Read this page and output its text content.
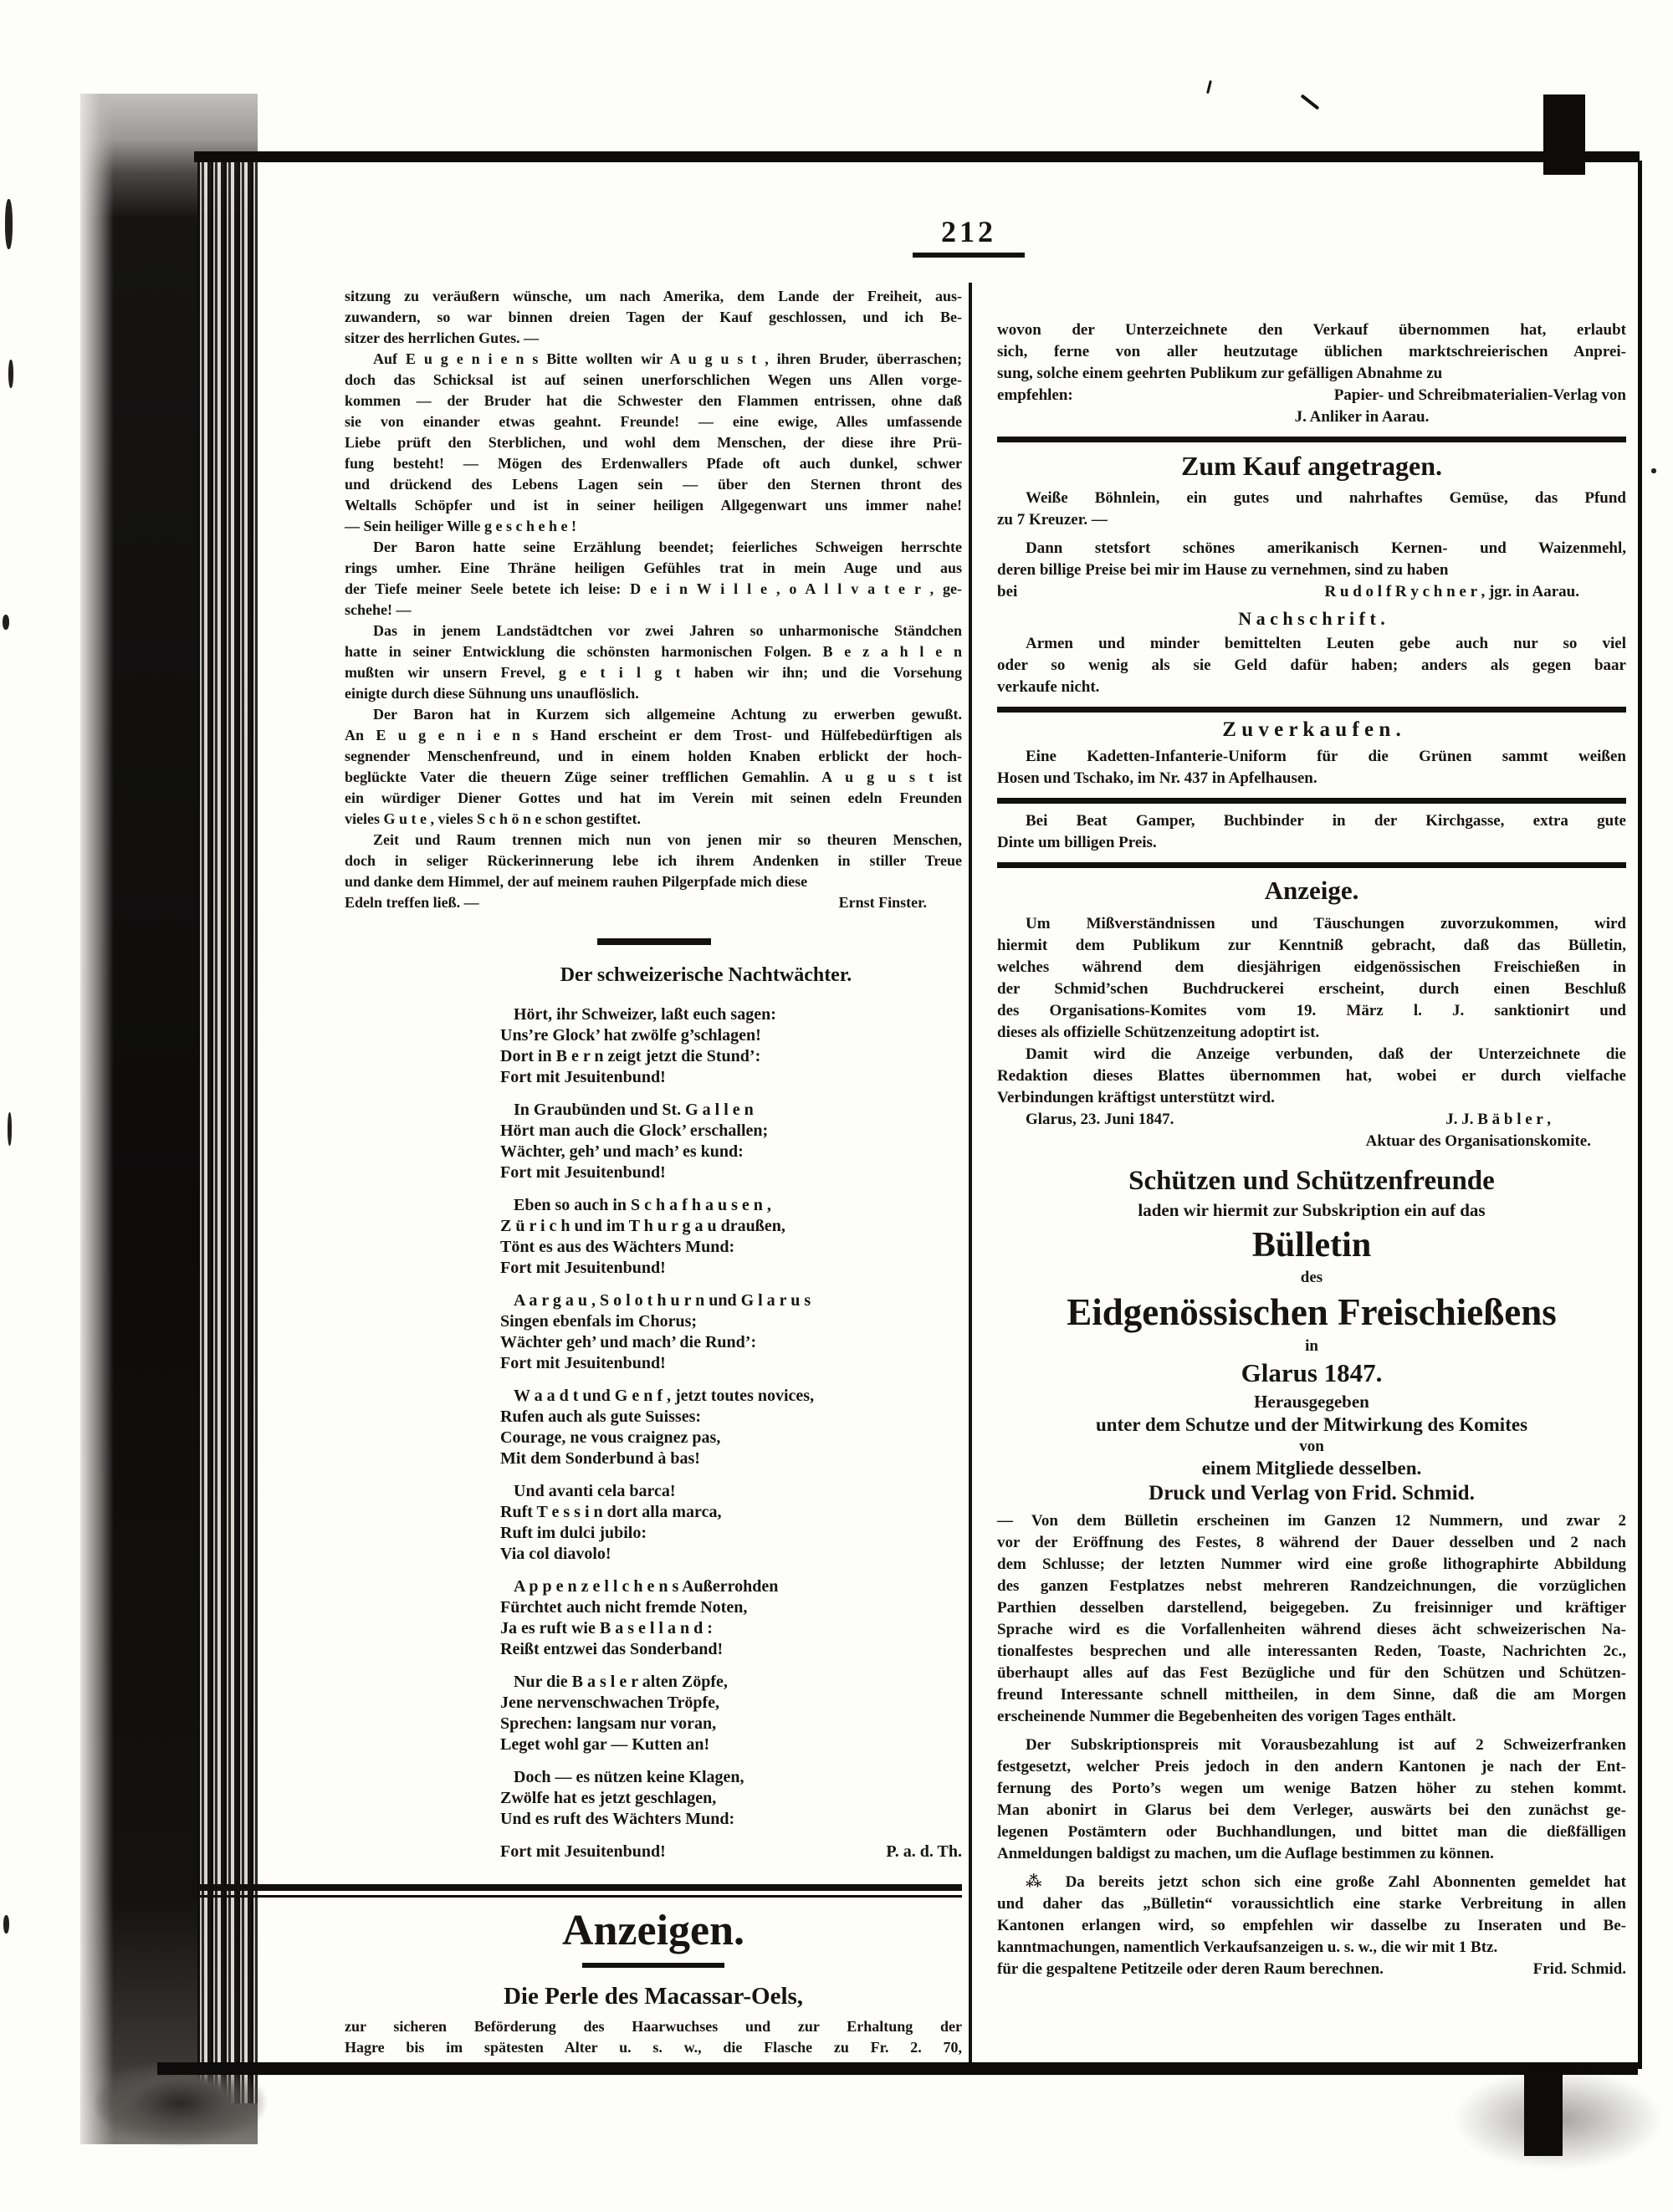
212
sitzung zu veräußern wünsche, um nach Amerika, dem Lande der Freiheit, aus-
zuwandern, so war binnen dreien Tagen der Kauf geschlossen, und ich Be-
sitzer des herrlichen Gutes. —
Auf E u g e n i e n s Bitte wollten wir A u g u s t , ihren Bruder, überraschen;
doch das Schicksal ist auf seinen unerforschlichen Wegen uns Allen vorge-
kommen — der Bruder hat die Schwester den Flammen entrissen, ohne daß
sie von einander etwas geahnt. Freunde! — eine ewige, Alles umfassende
Liebe prüft den Sterblichen, und wohl dem Menschen, der diese ihre Prü-
fung besteht! — Mögen des Erdenwallers Pfade oft auch dunkel, schwer
und drückend des Lebens Lagen sein — über den Sternen thront des
Weltalls Schöpfer und ist in seiner heiligen Allgegenwart uns immer nahe!
— Sein heiliger Wille g e s c h e h e !
Der Baron hatte seine Erzählung beendet; feierliches Schweigen herrschte
rings umher. Eine Thräne heiligen Gefühles trat in mein Auge und aus
der Tiefe meiner Seele betete ich leise: D e i n W i l l e , o A l l v a t e r , ge-
schehe! —
Das in jenem Landstädtchen vor zwei Jahren so unharmonische Ständchen
hatte in seiner Entwicklung die schönsten harmonischen Folgen. B e z a h l e n
mußten wir unsern Frevel, g e t i l g t haben wir ihn; und die Vorsehung
einigte durch diese Sühnung uns unauflöslich.
Der Baron hat in Kurzem sich allgemeine Achtung zu erwerben gewußt.
An E u g e n i e n s Hand erscheint er dem Trost- und Hülfebedürftigen als
segnender Menschenfreund, und in einem holden Knaben erblickt der hoch-
beglückte Vater die theuern Züge seiner trefflichen Gemahlin. A u g u s t ist
ein würdiger Diener Gottes und hat im Verein mit seinen edeln Freunden
vieles G u t e , vieles S c h ö n e schon gestiftet.
Zeit und Raum trennen mich nun von jenen mir so theuren Menschen,
doch in seliger Rückerinnerung lebe ich ihrem Andenken in stiller Treue
und danke dem Himmel, der auf meinem rauhen Pilgerpfade mich diese
Edeln treffen ließ. —	Ernst Finster.
Der schweizerische Nachtwächter.
Hört, ihr Schweizer, laßt euch sagen:
Uns’re Glock’ hat zwölfe g’schlagen!
Dort in B e r n zeigt jetzt die Stund’:
Fort mit Jesuitenbund!
In Graubünden und St. G a l l e n
Hört man auch die Glock’ erschallen;
Wächter, geh’ und mach’ es kund:
Fort mit Jesuitenbund!
Eben so auch in S c h a f h a u s e n ,
Z ü r i c h und im T h u r g a u draußen,
Tönt es aus des Wächters Mund:
Fort mit Jesuitenbund!
A a r g a u , S o l o t h u r n und G l a r u s
Singen ebenfals im Chorus;
Wächter geh’ und mach’ die Rund’:
Fort mit Jesuitenbund!
W a a d t und G e n f , jetzt toutes novices,
Rufen auch als gute Suisses:
Courage, ne vous craignez pas,
Mit dem Sonderbund à bas!
Und avanti cela barca!
Ruft T e s s i n dort alla marca,
Ruft im dulci jubilo:
Via col diavolo!
A p p e n z e l l c h e n s Außerrohden
Fürchtet auch nicht fremde Noten,
Ja es ruft wie B a s e l l a n d :
Reißt entzwei das Sonderband!
Nur die B a s l e r alten Zöpfe,
Jene nervenschwachen Tröpfe,
Sprechen: langsam nur voran,
Leget wohl gar — Kutten an!
Doch — es nützen keine Klagen,
Zwölfe hat es jetzt geschlagen,
Und es ruft des Wächters Mund:
Fort mit Jesuitenbund!	P. a. d. Th.
Anzeigen.
Die Perle des Macassar-Oels,
zur sicheren Beförderung des Haarwuchses und zur Erhaltung der
Hagre bis im spätesten Alter u. s. w., die Flasche zu Fr. 2. 70,
wovon der Unterzeichnete den Verkauf übernommen hat, erlaubt
sich, ferne von aller heutzutage üblichen marktschreierischen Anprei-
sung, solche einem geehrten Publikum zur gefälligen Abnahme zu
empfehlen:	Papier- und Schreibmaterialien-Verlag von
J. Anliker in Aarau.
Zum Kauf angetragen.
Weiße Böhnlein, ein gutes und nahrhaftes Gemüse, das Pfund
zu 7 Kreuzer. —
Dann stetsfort schönes amerikanisch Kernen- und Waizenmehl,
deren billige Preise bei mir im Hause zu vernehmen, sind zu haben
bei	R u d o l f R y c h n e r , jgr. in Aarau.
N a c h s c h r i f t .
Armen und minder bemittelten Leuten gebe auch nur so viel
oder so wenig als sie Geld dafür haben; anders als gegen baar
verkaufe nicht.
Z u v e r k a u f e n .
Eine Kadetten-Infanterie-Uniform für die Grünen sammt weißen
Hosen und Tschako, im Nr. 437 in Apfelhausen.
Bei Beat Gamper, Buchbinder in der Kirchgasse, extra gute
Dinte um billigen Preis.
Anzeige.
Um Mißverständnissen und Täuschungen zuvorzukommen, wird
hiermit dem Publikum zur Kenntniß gebracht, daß das Bülletin,
welches während dem diesjährigen eidgenössischen Freischießen in
der Schmid’schen Buchdruckerei erscheint, durch einen Beschluß
des Organisations-Komites vom 19. März l. J. sanktionirt und
dieses als offizielle Schützenzeitung adoptirt ist.
Damit wird die Anzeige verbunden, daß der Unterzeichnete die
Redaktion dieses Blattes übernommen hat, wobei er durch vielfache
Verbindungen kräftigst unterstützt wird.
Glarus, 23. Juni 1847.	J. J. B ä b l e r ,
Aktuar des Organisationskomite.
Schützen und Schützenfreunde
laden wir hiermit zur Subskription ein auf das
Bülletin
des
Eidgenössischen Freischießens
in
Glarus 1847.
Herausgegeben
unter dem Schutze und der Mitwirkung des Komites
von
einem Mitgliede desselben.
Druck und Verlag von Frid. Schmid.
— Von dem Bülletin erscheinen im Ganzen 12 Nummern, und zwar 2
vor der Eröffnung des Festes, 8 während der Dauer desselben und 2 nach
dem Schlusse; der letzten Nummer wird eine große lithographirte Abbildung
des ganzen Festplatzes nebst mehreren Randzeichnungen, die vorzüglichen
Parthien desselben darstellend, beigegeben. Zu freisinniger und kräftiger
Sprache wird es die Vorfallenheiten während dieses ächt schweizerischen Na-
tionalfestes besprechen und alle interessanten Reden, Toaste, Nachrichten 2c.,
überhaupt alles auf das Fest Bezügliche und für den Schützen und Schützen-
freund Interessante schnell mittheilen, in dem Sinne, daß die am Morgen
erscheinende Nummer die Begebenheiten des vorigen Tages enthält.
Der Subskriptionspreis mit Vorausbezahlung ist auf 2 Schweizerfranken
festgesetzt, welcher Preis jedoch in den andern Kantonen je nach der Ent-
fernung des Porto’s wegen um wenige Batzen höher zu stehen kommt.
Man abonirt in Glarus bei dem Verleger, auswärts bei den zunächst ge-
legenen Postämtern oder Buchhandlungen, und bittet man die dießfälligen
Anmeldungen baldigst zu machen, um die Auflage bestimmen zu können.
⁂ Da bereits jetzt schon sich eine große Zahl Abonnenten gemeldet hat
und daher das „Bülletin“ voraussichtlich eine starke Verbreitung in allen
Kantonen erlangen wird, so empfehlen wir dasselbe zu Inseraten und Be-
kanntmachungen, namentlich Verkaufsanzeigen u. s. w., die wir mit 1 Btz.
für die gespaltene Petitzeile oder deren Raum berechnen.	Frid. Schmid.
